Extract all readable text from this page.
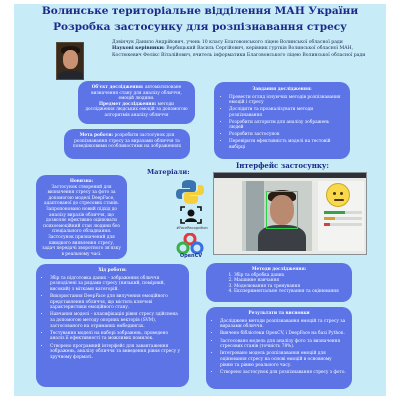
Волинське територіальне відділення МАН України
Розробка застосунку для розпізнавання стресу
Дзвінчук Данило Андрійович, учень 10 класу Благовонського ліцею Волинської обласної ради
Наукові керівники: Вербицький Василь Сергійович, керівник гуртків Волинської обласної МАН, Костюкевич Фелікс Віталійович, вчитель інформатики Благовонського ліцею Волинської обласної ради
Об'єкт дослідження: автоматизоване визначення стану для аналізу обличчя, емоцій людини.
Предмет дослідження: методи дослідження людських емоцій за допомогою алгоритмів аналізу обличчя
Завдання дослідження:
• Провести огляд існуючих методів розпізнавання емоцій і стресу
• Дослідити та проаналізувати методи розпізнавання
• Розробити алгоритм для аналізу зображень людей
• Розробити застосунок
• Перевірити ефективність моделі на тестовій вибірці
Мета роботи: розробити застосунок для розпізнавання стресу за виразами обличчя та поведінковими особливостями на зображеннях
Новизна:
Застосунок створений для визначення стресу за фото за допомогою моделі DeepFace, адаптованої до стресових станів. Запропоновано новий підхід до аналізу виразів обличчя, що дозволяє ефективно оцінювати психоемоційний стан людини без спеціального обладнання. Застосунок призначений для швидкого виявлення стресу, задач передачі зворотного зв'язку в реальному часі.
Матеріали:
#FaceRecognition
OpenCV
Інтерфейс застосунку:
Методи дослідження:
1. Збір та обробка даних
2. Машинне навчання
3. Моделювання та тренування
4. Експериментальне тестування та оцінювання
Хід роботи:
• Збір та підготовка даних – зображення обличчя розподілені за рядами стресу (низький, помірний, високий) з мітками категорій.
• Використання DeepFace для вилучення емоційного представлення обличчя, що містить ключові характеристики емоційного стану.
• Навчання моделі – класифікація рівня стресу здійснена за допомогою методу опорних векторів (SVM), застосованого на отриманих ембедингах.
• Тестування моделі на наборі зображень, проведено аналіз її ефективності та можливих помилок.
• Створено програмний інтерфейс для завантаження зображень, аналізу обличчя та виведення рівня стресу у зручному форматі.
Результати та висновки
• Досліджено методи розпізнавання емоцій та стресу за виразами обличчя.
• Вивчено бібліотеки OpenCV, і DeepFace на базі Python.
• Застосовано модель для аналізу фото та визначення стресових станів (точність 78%).
• Інтегровано модель розпізнавання емоцій для оцінювання стресу на основі емоцій в основному рівню та рівню реального часу.
• Створено застосунок для розпізнавання стресу з фото.
